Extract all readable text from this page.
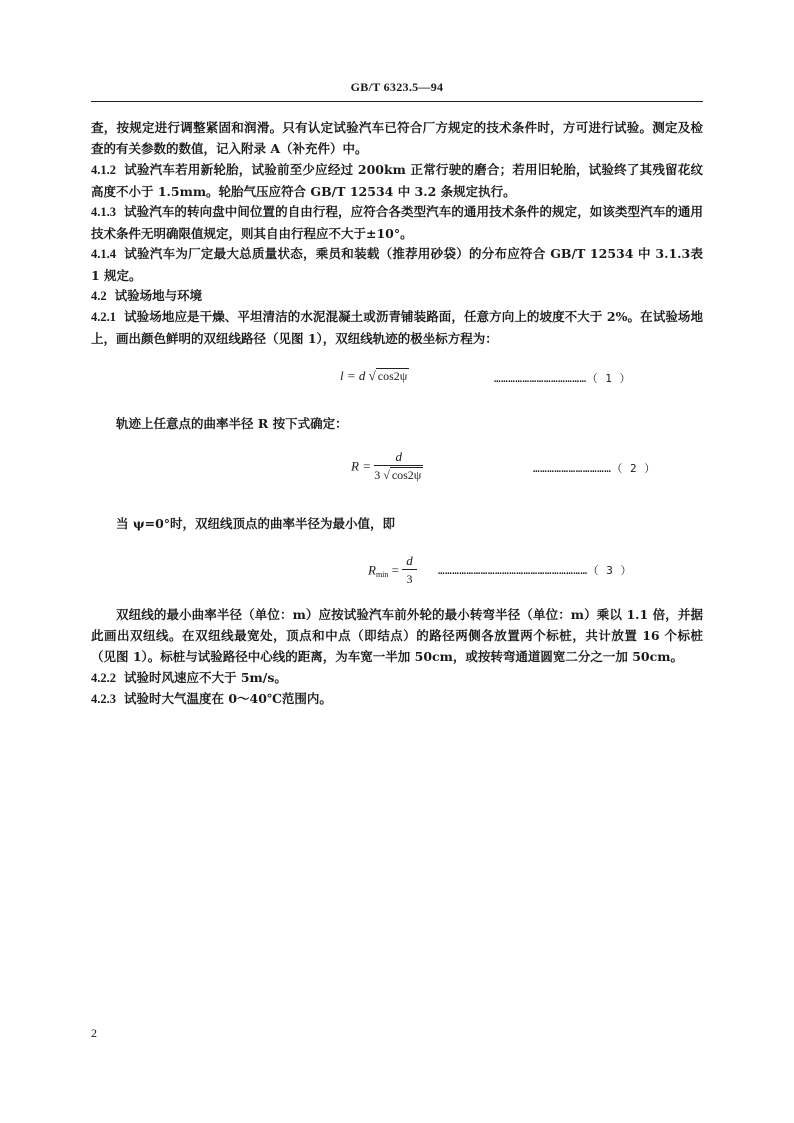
GB/T 6323.5—94

查，按规定进行调整紧固和润滑。只有认定试验汽车已符合厂方规定的技术条件时，方可进行试验。测定及检查的有关参数的数值，记入附录 A（补充件）中。

4.1.2 试验汽车若用新轮胎，试验前至少应经过 200km 正常行驶的磨合；若用旧轮胎，试验终了其残留花纹高度不小于 1.5mm。轮胎气压应符合 GB/T 12534 中 3.2 条规定执行。

4.1.3 试验汽车的转向盘中间位置的自由行程，应符合各类型汽车的通用技术条件的规定，如该类型汽车的通用技术条件无明确限值规定，则其自由行程应不大于±10°。

4.1.4 试验汽车为厂定最大总质量状态，乘员和装载（推荐用砂袋）的分布应符合 GB/T 12534 中 3.1.3表 1 规定。

4.2 试验场地与环境

4.2.1 试验场地应是干燥、平坦清洁的水泥混凝土或沥青铺装路面，任意方向上的坡度不大于 2%。在试验场地上，画出颜色鲜明的双纽线路径（见图 1），双纽线轨迹的极坐标方程为：

l = d √ cos2ψ	…………………………………（ 1 ）

轨迹上任意点的曲率半径 R 按下式确定：

$R = \frac{d}{3 √ \cos 2\psi}$	……………………………（ 2 ）

当 ψ=0°时，双纽线顶点的曲率半径为最小值，即

$R_{min} = \frac{d}{3}$ ………………………………………………………（ 3 ）

双纽线的最小曲率半径（单位：m）应按试验汽车前外轮的最小转弯半径（单位：m）乘以 1.1 倍，并据此画出双纽线。在双纽线最宽处，顶点和中点（即结点）的路径两侧各放置两个标桩，共计放置 16 个标桩（见图 1）。标桩与试验路径中心线的距离，为车宽一半加 50cm，或按转弯通道圆宽二分之一加 50cm。

4.2.2 试验时风速应不大于 5m/s。

4.2.3 试验时大气温度在 0～40℃范围内。

2
